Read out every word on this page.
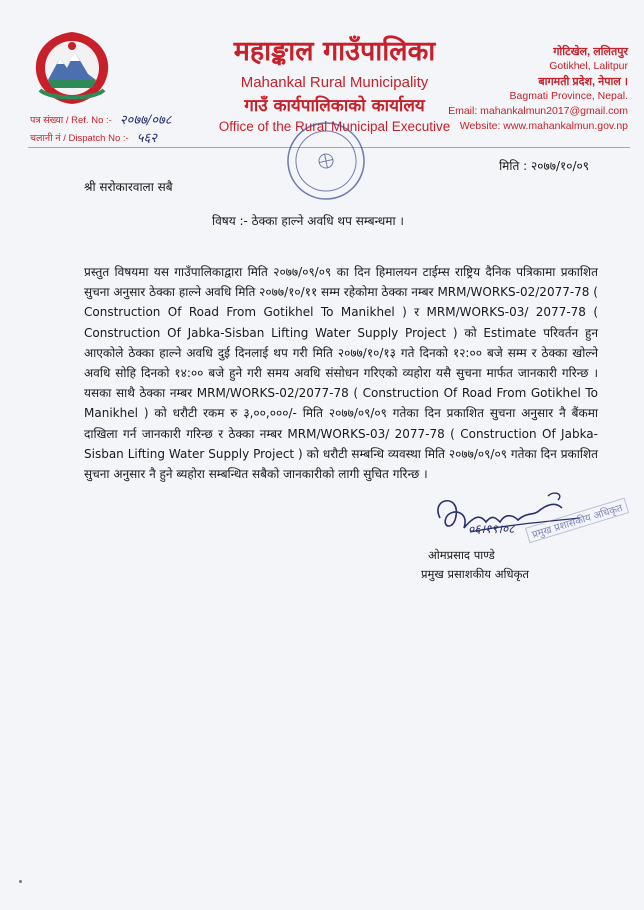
महाङ्काल गाउँपालिका
Mahankal Rural Municipality
गाउँ कार्यपालिकाको कार्यालय
Office of the Rural Municipal Executive
पत्र संख्या / Ref. No :- २०७७/०७८
चलानी नं / Dispatch No :- ५६२
गोटिखेल, ललितपुर
Gotikhel, Lalitpur
बागमती प्रदेश, नेपाल ।
Bagmati Province, Nepal.
Email: mahankalmun2017@gmail.com
Website: www.mahankalmun.gov.np
मिति : २०७७/१०/०९
श्री सरोकारवाला सबै
विषय :- ठेक्का हाल्ने अवधि थप सम्बन्धमा ।
प्रस्तुत विषयमा यस गाउँपालिकाद्वारा मिति २०७७/०९/०९ का दिन हिमालयन टाईम्स राष्ट्रिय दैनिक पत्रिकामा प्रकाशित सुचना अनुसार ठेक्का हाल्ने अवधि मिति २०७७/१०/११ सम्म रहेकोमा ठेक्का नम्बर MRM/WORKS-02/2077-78 ( Construction Of Road From Gotikhel To Manikhel ) र MRM/WORKS-03/ 2077-78 ( Construction Of Jabka-Sisban Lifting Water Supply Project ) को Estimate परिवर्तन हुन आएकोले ठेक्का हाल्ने अवधि दुई दिनलाई थप गरी मिति २०७७/१०/१३ गते दिनको १२:०० बजे सम्म र ठेक्का खोल्ने अवधि सोहि दिनको १४:०० बजे हुने गरी समय अवधि संसोधन गरिएको व्यहोरा यसै सुचना मार्फत जानकारी गरिन्छ । यसका साथै ठेक्का नम्बर MRM/WORKS-02/2077-78 ( Construction Of Road From Gotikhel To Manikhel ) को धरौटी रकम रु ३,००,०००/- मिति २०७७/०९/०९ गतेका दिन प्रकाशित सुचना अनुसार नै बैंकमा दाखिला गर्न जानकारी गरिन्छ र ठेक्का नम्बर MRM/WORKS-03/ 2077-78 ( Construction Of Jabka-Sisban Lifting Water Supply Project ) को धरौटी सम्बन्धि व्यवस्था मिति २०७७/०९/०९ गतेका दिन प्रकाशित सुचना अनुसार नै हुने ब्यहोरा सम्बन्धित सबैको जानकारीको लागी सुचित गरिन्छ ।
०६।१९।०८	प्रमुख प्रशासकीय अधिकृत
ओमप्रसाद पाण्डे
प्रमुख प्रसाशकीय अधिकृत
